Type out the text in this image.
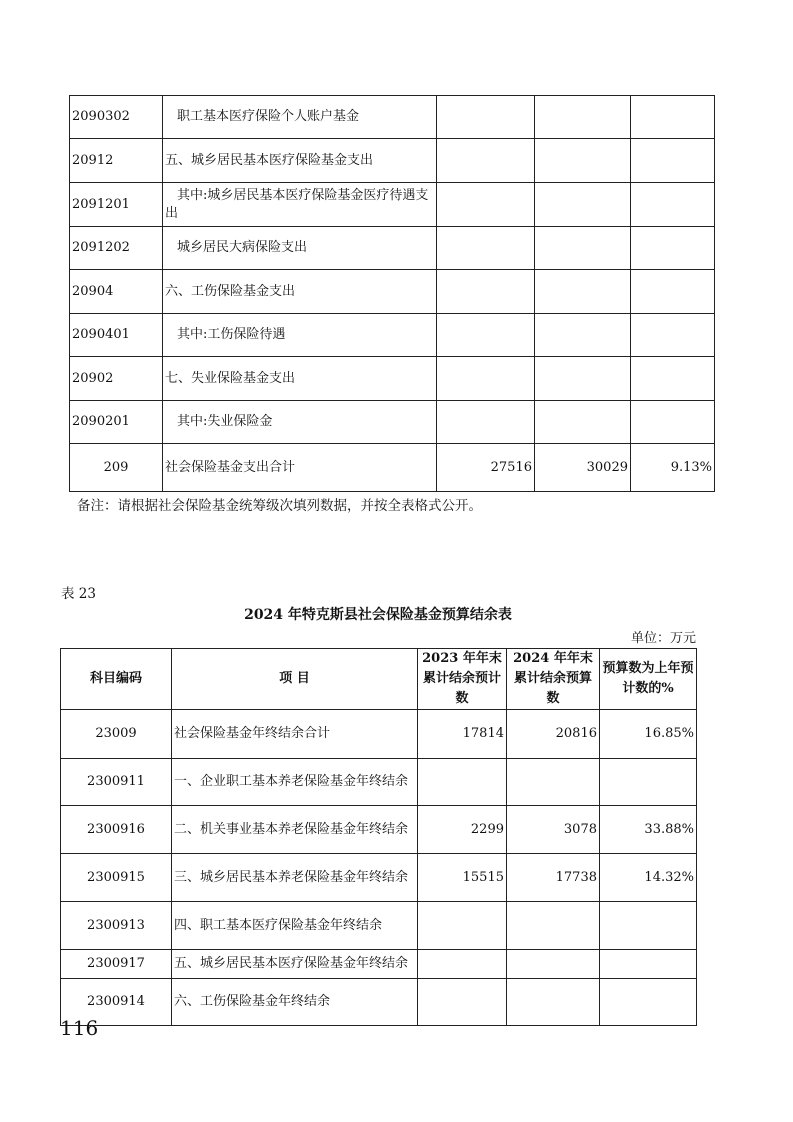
2090302	职工基本医疗保险个人账户基金			
20912	五、城乡居民基本医疗保险基金支出			
2091201	其中:城乡居民基本医疗保险基金医疗待遇支出			
2091202	城乡居民大病保险支出			
20904	六、工伤保险基金支出			
2090401	其中:工伤保险待遇			
20902	七、失业保险基金支出			
2090201	其中:失业保险金			
209	社会保险基金支出合计	27516	30029	9.13%
备注：请根据社会保险基金统筹级次填列数据，并按全表格式公开。
表 23
2024 年特克斯县社会保险基金预算结余表
单位：万元
科目编码	项 目	2023 年年末累计结余预计数	2024 年年末累计结余预算数	预算数为上年预计数的%
23009	社会保险基金年终结余合计	17814	20816	16.85%
2300911	一、企业职工基本养老保险基金年终结余			
2300916	二、机关事业基本养老保险基金年终结余	2299	3078	33.88%
2300915	三、城乡居民基本养老保险基金年终结余	15515	17738	14.32%
2300913	四、职工基本医疗保险基金年终结余			
2300917	五、城乡居民基本医疗保险基金年终结余			
2300914	六、工伤保险基金年终结余			
116
